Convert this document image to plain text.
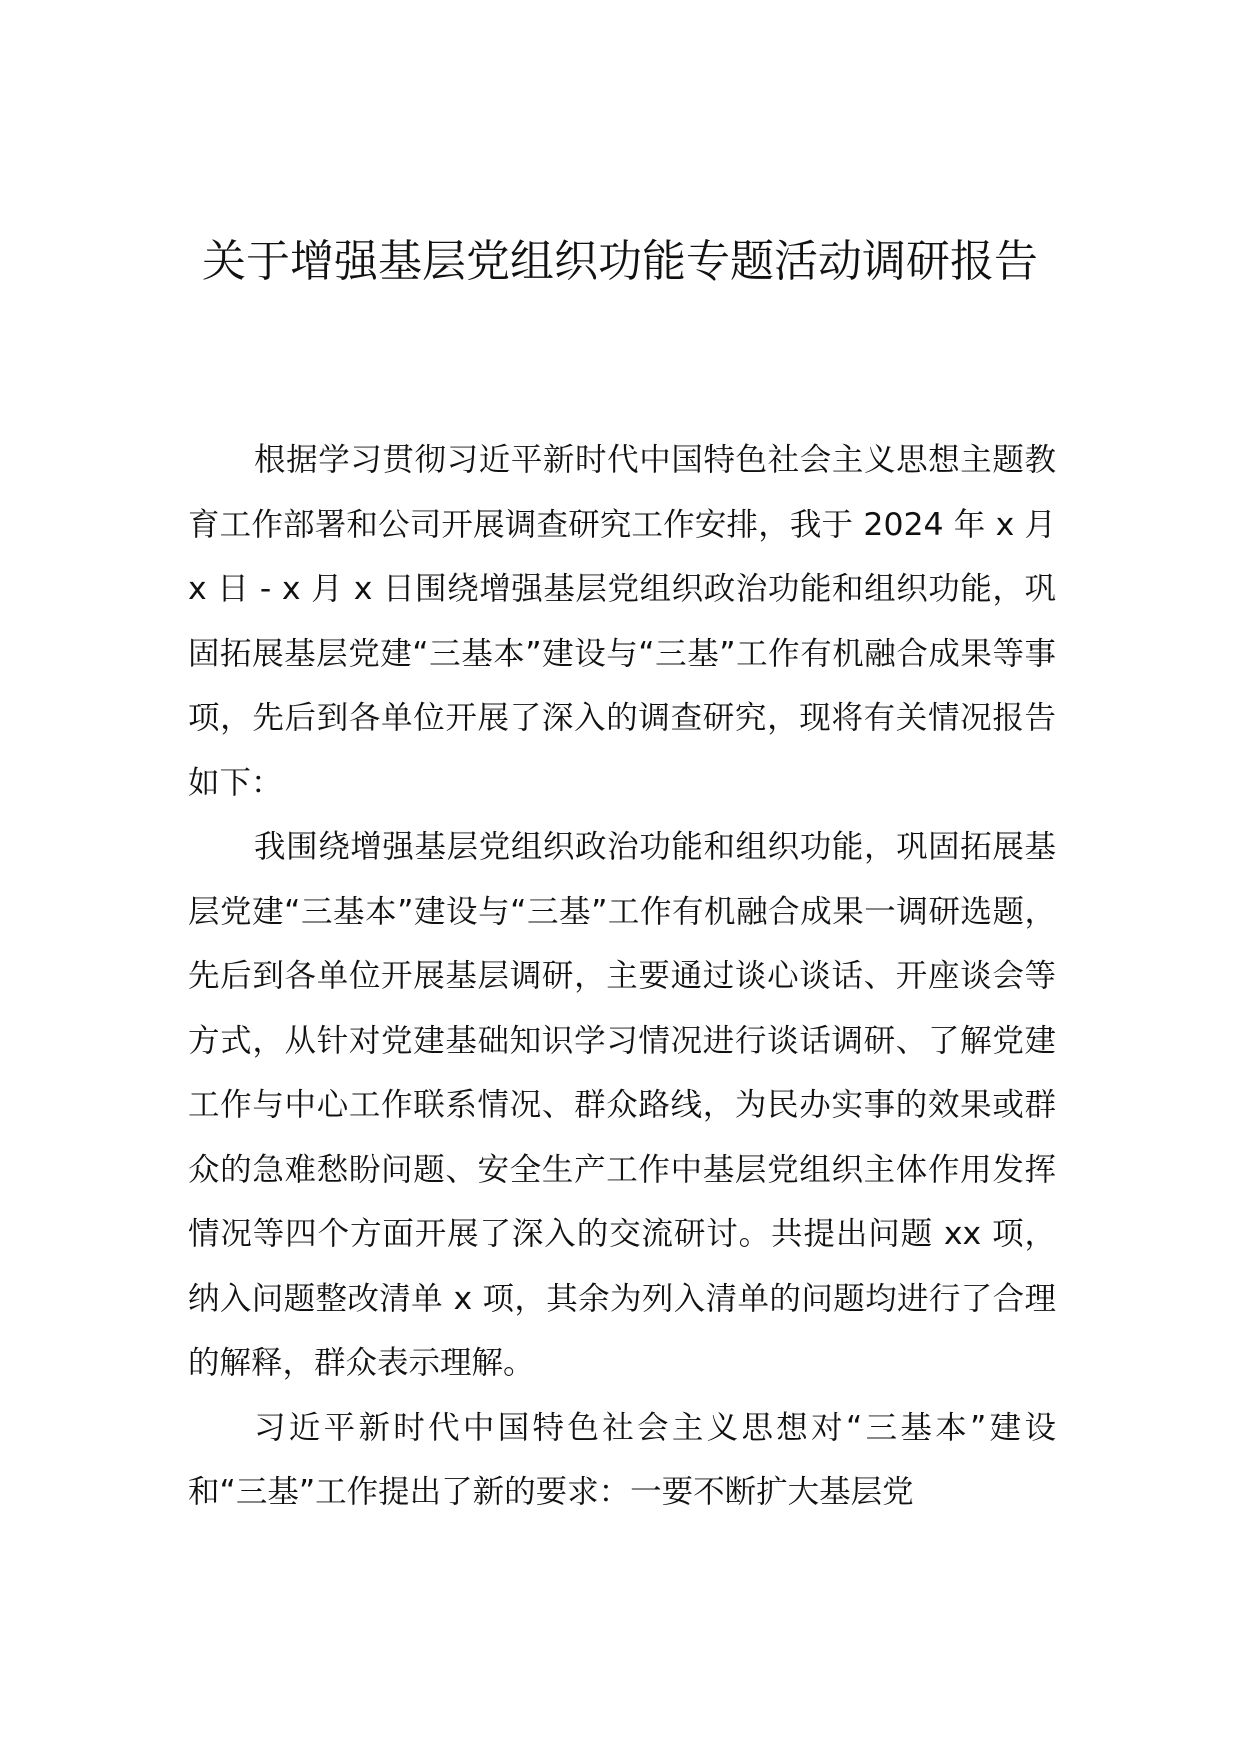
关于增强基层党组织功能专题活动调研报告

根据学习贯彻习近平新时代中国特色社会主义思想主题教育工作部署和公司开展调查研究工作安排，我于 2024 年 x 月 x 日 - x 月 x 日围绕增强基层党组织政治功能和组织功能，巩固拓展基层党建“三基本”建设与“三基”工作有机融合成果等事项，先后到各单位开展了深入的调查研究，现将有关情况报告如下：

我围绕增强基层党组织政治功能和组织功能，巩固拓展基层党建“三基本”建设与“三基”工作有机融合成果一调研选题，先后到各单位开展基层调研，主要通过谈心谈话、开座谈会等方式，从针对党建基础知识学习情况进行谈话调研、了解党建工作与中心工作联系情况、群众路线，为民办实事的效果或群众的急难愁盼问题、安全生产工作中基层党组织主体作用发挥情况等四个方面开展了深入的交流研讨。共提出问题 xx 项，纳入问题整改清单 x 项，其余为列入清单的问题均进行了合理的解释，群众表示理解。

习近平新时代中国特色社会主义思想对“三基本”建设和“三基”工作提出了新的要求：一要不断扩大基层党
